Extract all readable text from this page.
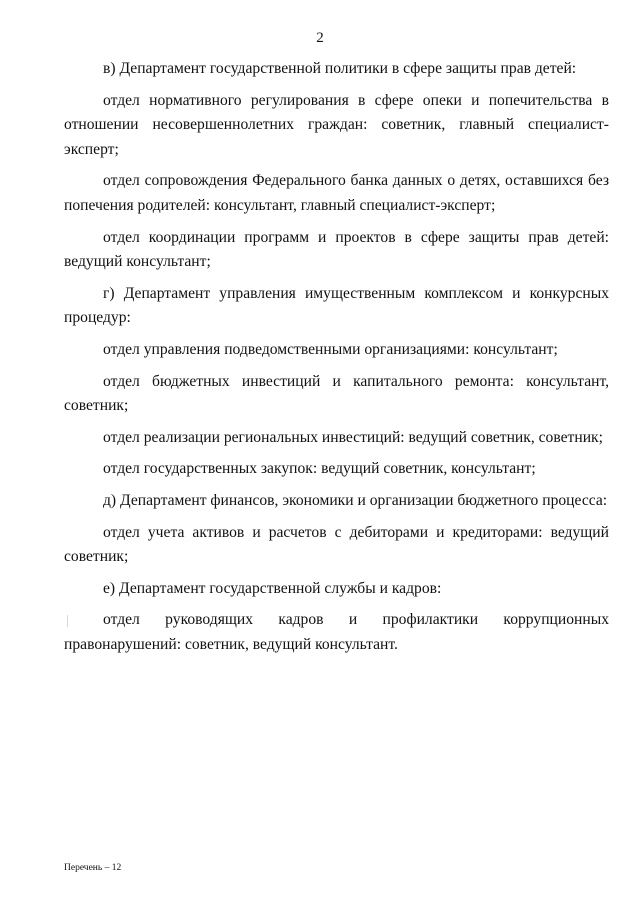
2

в) Департамент государственной политики в сфере защиты прав детей:

отдел нормативного регулирования в сфере опеки и попечительства в отношении несовершеннолетних граждан: советник, главный специалист-эксперт;

отдел сопровождения Федерального банка данных о детях, оставшихся без попечения родителей: консультант, главный специалист-эксперт;

отдел координации программ и проектов в сфере защиты прав детей: ведущий консультант;

г) Департамент управления имущественным комплексом и конкурсных процедур:

отдел управления подведомственными организациями: консультант;

отдел бюджетных инвестиций и капитального ремонта: консультант, советник;

отдел реализации региональных инвестиций: ведущий советник, советник;

отдел государственных закупок: ведущий советник, консультант;

д) Департамент финансов, экономики и организации бюджетного процесса:

отдел учета активов и расчетов с дебиторами и кредиторами: ведущий советник;

е) Департамент государственной службы и кадров:

отдел руководящих кадров и профилактики коррупционных правонарушений: советник, ведущий консультант.

Перечень – 12
